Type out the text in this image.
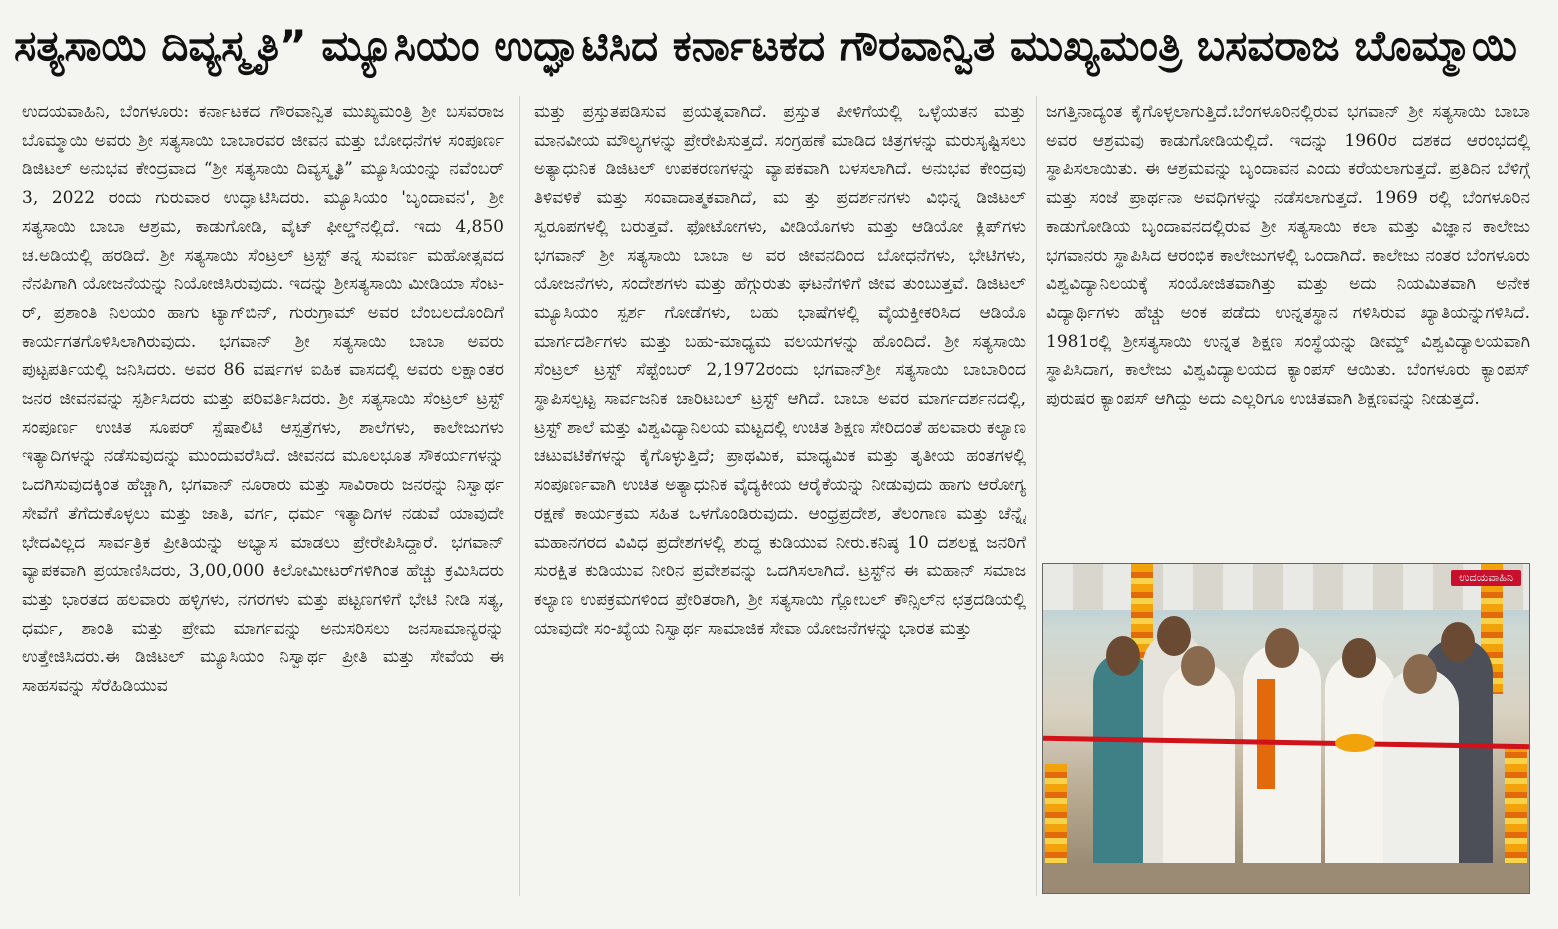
ಸತ್ಯಸಾಯಿ ದಿವ್ಯಸ್ಮೃತಿ” ಮ್ಯೂಸಿಯಂ ಉದ್ಘಾಟಿಸಿದ ಕರ್ನಾಟಕದ ಗೌರವಾನ್ವಿತ ಮುಖ್ಯಮಂತ್ರಿ ಬಸವರಾಜ ಬೊಮ್ಮಾಯಿ

ಉದಯವಾಹಿನಿ, ಬೆಂಗಳೂರು: ಕರ್ನಾಟಕದ ಗೌರವಾನ್ವಿತ ಮುಖ್ಯಮಂತ್ರಿ ಶ್ರೀ ಬಸವರಾಜ ಬೊಮ್ಮಾಯಿ ಅವರು ಶ್ರೀ ಸತ್ಯಸಾಯಿ ಬಾಬಾರವರ ಜೀವನ ಮತ್ತು ಬೋಧನೆಗಳ ಸಂಪೂರ್ಣ ಡಿಜಿಟಲ್ ಅನುಭವ ಕೇಂದ್ರವಾದ “ಶ್ರೀ ಸತ್ಯಸಾಯಿ ದಿವ್ಯಸ್ಮೃತಿ” ಮ್ಯೂಸಿಯಂನ್ನು ನವೆಂಬರ್ 3, 2022 ರಂದು ಗುರುವಾರ ಉದ್ಘಾಟಿಸಿದರು. ಮ್ಯೂಸಿಯಂ 'ಬೃಂದಾವನ', ಶ್ರೀ ಸತ್ಯಸಾಯಿ ಬಾಬಾ ಆಶ್ರಮ, ಕಾಡುಗೋಡಿ, ವೈಟ್ ಫೀಲ್ಡ್‌ನಲ್ಲಿದೆ. ಇದು 4,850 ಚ.ಅಡಿಯಲ್ಲಿ ಹರಡಿದೆ. ಶ್ರೀ ಸತ್ಯಸಾಯಿ ಸೆಂಟ್ರಲ್ ಟ್ರಸ್ಟ್ ತನ್ನ ಸುವರ್ಣ ಮಹೋತ್ಸವದ ನೆನಪಿಗಾಗಿ ಯೋಜನೆಯನ್ನು ನಿಯೋಜಿಸಿರುವುದು. ಇದನ್ನು ಶ್ರೀಸತ್ಯಸಾಯಿ ಮೀಡಿಯಾ ಸೆಂಟ-ರ್, ಪ್ರಶಾಂತಿ ನಿಲಯಂ ಹಾಗು ಟ್ಯಾಗ್‌ಬಿನ್, ಗುರುಗ್ರಾಮ್ ಅವರ ಬೆಂಬಲದೊಂದಿಗೆ ಕಾರ್ಯಗತಗೊಳಿಸಿಲಾಗಿರುವುದು. ಭಗವಾನ್ ಶ್ರೀ ಸತ್ಯಸಾಯಿ ಬಾಬಾ ಅವರು ಪುಟ್ಟಪರ್ತಿಯಲ್ಲಿ ಜನಿಸಿದರು. ಅವರ 86 ವರ್ಷಗಳ ಐಹಿಕ ವಾಸದಲ್ಲಿ ಅವರು ಲಕ್ಷಾಂತರ ಜನರ ಜೀವನವನ್ನು ಸ್ಪರ್ಶಿಸಿದರು ಮತ್ತು ಪರಿವರ್ತಿಸಿದರು. ಶ್ರೀ ಸತ್ಯಸಾಯಿ ಸೆಂಟ್ರಲ್ ಟ್ರಸ್ಟ್ ಸಂಪೂರ್ಣ ಉಚಿತ ಸೂಪರ್ ಸ್ಪೆಷಾಲಿಟಿ ಆಸ್ಪತ್ರೆಗಳು, ಶಾಲೆಗಳು, ಕಾಲೇಜುಗಳು ಇತ್ಯಾದಿಗಳನ್ನು ನಡೆಸುವುದನ್ನು ಮುಂದುವರೆಸಿದೆ. ಜೀವನದ ಮೂಲಭೂತ ಸೌಕರ್ಯಗಳನ್ನು ಒದಗಿಸುವುದಕ್ಕಿಂತ ಹೆಚ್ಚಾಗಿ, ಭಗವಾನ್ ನೂರಾರು ಮತ್ತು ಸಾವಿರಾರು ಜನರನ್ನು ನಿಸ್ವಾರ್ಥ ಸೇವೆಗೆ ತೆಗೆದುಕೊಳ್ಳಲು ಮತ್ತು ಜಾತಿ, ವರ್ಗ, ಧರ್ಮ ಇತ್ಯಾದಿಗಳ ನಡುವೆ ಯಾವುದೇ ಭೇದವಿಲ್ಲದ ಸಾರ್ವತ್ರಿಕ ಪ್ರೀತಿಯನ್ನು ಅಭ್ಯಾಸ ಮಾಡಲು ಪ್ರೇರೇಪಿಸಿದ್ದಾರೆ. ಭಗವಾನ್ ವ್ಯಾಪಕವಾಗಿ ಪ್ರಯಾಣಿಸಿದರು, 3,00,000 ಕಿಲೋಮೀಟರ್‌ಗಳಿಗಿಂತ ಹೆಚ್ಚು ಕ್ರಮಿಸಿದರು ಮತ್ತು ಭಾರತದ ಹಲವಾರು ಹಳ್ಳಿಗಳು, ನಗರಗಳು ಮತ್ತು ಪಟ್ಟಣಗಳಿಗೆ ಭೇಟಿ ನೀಡಿ ಸತ್ಯ, ಧರ್ಮ, ಶಾಂತಿ ಮತ್ತು ಪ್ರೇಮ ಮಾರ್ಗವನ್ನು ಅನುಸರಿಸಲು ಜನಸಾಮಾನ್ಯರನ್ನು ಉತ್ತೇಜಿಸಿದರು.ಈ ಡಿಜಿಟಲ್ ಮ್ಯೂಸಿಯಂ ನಿಸ್ವಾರ್ಥ ಪ್ರೀತಿ ಮತ್ತು ಸೇವೆಯ ಈ ಸಾಹಸವನ್ನು ಸೆರೆಹಿಡಿಯುವ

ಮತ್ತು ಪ್ರಸ್ತುತಪಡಿಸುವ ಪ್ರಯತ್ನವಾಗಿದೆ. ಪ್ರಸ್ತುತ ಪೀಳಿಗೆಯಲ್ಲಿ ಒಳ್ಳೆಯತನ ಮತ್ತು ಮಾನವೀಯ ಮೌಲ್ಯಗಳನ್ನು ಪ್ರೇರೇಪಿಸುತ್ತದೆ. ಸಂಗ್ರಹಣೆ ಮಾಡಿದ ಚಿತ್ರಗಳನ್ನು ಮರುಸೃಷ್ಟಿಸಲು ಅತ್ಯಾಧುನಿಕ ಡಿಜಿಟಲ್ ಉಪಕರಣಗಳನ್ನು ವ್ಯಾಪಕವಾಗಿ ಬಳಸಲಾಗಿದೆ. ಅನುಭವ ಕೇಂದ್ರವು ತಿಳಿವಳಿಕೆ ಮತ್ತು ಸಂವಾದಾತ್ಮಕವಾಗಿದೆ, ಮ ತ್ತು ಪ್ರದರ್ಶನಗಳು ವಿಭಿನ್ನ ಡಿಜಿಟಲ್ ಸ್ವರೂಪಗಳಲ್ಲಿ ಬರುತ್ತವೆ. ಫೋಟೋಗಳು, ವೀಡಿಯೊಗಳು ಮತ್ತು ಆಡಿಯೋ ಕ್ಲಿಪ್‌ಗಳು ಭಗವಾನ್ ಶ್ರೀ ಸತ್ಯಸಾಯಿ ಬಾಬಾ ಅ ವರ ಜೀವನದಿಂದ ಬೋಧನೆಗಳು, ಭೇಟಿಗಳು, ಯೋಜನೆಗಳು, ಸಂದೇಶಗಳು ಮತ್ತು ಹೆಗ್ಗುರುತು ಘಟನೆಗಳಿಗೆ ಜೀವ ತುಂಬುತ್ತವೆ. ಡಿಜಿಟಲ್ ಮ್ಯೂಸಿಯಂ ಸ್ಪರ್ಶ ಗೋಡೆಗಳು, ಬಹು ಭಾಷೆಗಳಲ್ಲಿ ವೈಯಕ್ತೀಕರಿಸಿದ ಆಡಿಯೊ ಮಾರ್ಗದರ್ಶಿಗಳು ಮತ್ತು ಬಹು-ಮಾಧ್ಯಮ ವಲಯಗಳನ್ನು ಹೊಂದಿದೆ. ಶ್ರೀ ಸತ್ಯಸಾಯಿ ಸೆಂಟ್ರಲ್ ಟ್ರಸ್ಟ್ ಸೆಪ್ಟೆಂಬರ್ 2,1972ರಂದು ಭಗವಾನ್‌ಶ್ರೀ ಸತ್ಯಸಾಯಿ ಬಾಬಾರಿಂದ ಸ್ಥಾಪಿಸಲ್ಪಟ್ಟ ಸಾರ್ವಜನಿಕ ಚಾರಿಟಬಲ್ ಟ್ರಸ್ಟ್ ಆಗಿದೆ. ಬಾಬಾ ಅವರ ಮಾರ್ಗದರ್ಶನದಲ್ಲಿ, ಟ್ರಸ್ಟ್ ಶಾಲೆ ಮತ್ತು ವಿಶ್ವವಿದ್ಯಾನಿಲಯ ಮಟ್ಟದಲ್ಲಿ ಉಚಿತ ಶಿಕ್ಷಣ ಸೇರಿದಂತೆ ಹಲವಾರು ಕಲ್ಯಾಣ ಚಟುವಟಿಕೆಗಳನ್ನು ಕೈಗೊಳ್ಳುತ್ತಿದೆ; ಪ್ರಾಥಮಿಕ, ಮಾಧ್ಯಮಿಕ ಮತ್ತು ತೃತೀಯ ಹಂತಗಳಲ್ಲಿ ಸಂಪೂರ್ಣವಾಗಿ ಉಚಿತ ಅತ್ಯಾಧುನಿಕ ವೈದ್ಯಕೀಯ ಆರೈಕೆಯನ್ನು ನೀಡುವುದು ಹಾಗು ಆರೋಗ್ಯ ರಕ್ಷಣೆ ಕಾರ್ಯಕ್ರಮ ಸಹಿತ ಒಳಗೊಂಡಿರುವುದು. ಆಂಧ್ರಪ್ರದೇಶ, ತೆಲಂಗಾಣ ಮತ್ತು ಚೆನ್ನೈ ಮಹಾನಗರದ ವಿವಿಧ ಪ್ರದೇಶಗಳಲ್ಲಿ ಶುದ್ಧ ಕುಡಿಯುವ ನೀರು.ಕನಿಷ್ಠ 10 ದಶಲಕ್ಷ ಜನರಿಗೆ ಸುರಕ್ಷಿತ ಕುಡಿಯುವ ನೀರಿನ ಪ್ರವೇಶವನ್ನು ಒದಗಿಸಲಾಗಿದೆ. ಟ್ರಸ್ಟ್‌ನ ಈ ಮಹಾನ್ ಸಮಾಜ ಕಲ್ಯಾಣ ಉಪಕ್ರಮಗಳಿಂದ ಪ್ರೇರಿತರಾಗಿ, ಶ್ರೀ ಸತ್ಯಸಾಯಿ ಗ್ಲೋಬಲ್ ಕೌನ್ಸಿಲ್‌ನ ಛತ್ರದಡಿಯಲ್ಲಿ ಯಾವುದೇ ಸಂ-ಖ್ಯೆಯ ನಿಸ್ವಾರ್ಥ ಸಾಮಾಜಿಕ ಸೇವಾ ಯೋಜನೆಗಳನ್ನು ಭಾರತ ಮತ್ತು

ಜಗತ್ತಿನಾದ್ಯಂತ ಕೈಗೊಳ್ಳಲಾಗುತ್ತಿದೆ.ಬೆಂಗಳೂರಿನಲ್ಲಿರುವ ಭಗವಾನ್ ಶ್ರೀ ಸತ್ಯಸಾಯಿ ಬಾಬಾ ಅವರ ಆಶ್ರಮವು ಕಾಡುಗೋಡಿಯಲ್ಲಿದೆ. ಇದನ್ನು 1960ರ ದಶಕದ ಆರಂಭದಲ್ಲಿ ಸ್ಥಾಪಿಸಲಾಯಿತು. ಈ ಆಶ್ರಮವನ್ನು ಬೃಂದಾವನ ಎಂದು ಕರೆಯಲಾಗುತ್ತದೆ. ಪ್ರತಿದಿನ ಬೆಳಿಗ್ಗೆ ಮತ್ತು ಸಂಜೆ ಪ್ರಾರ್ಥನಾ ಅವಧಿಗಳನ್ನು ನಡೆಸಲಾಗುತ್ತದೆ. 1969 ರಲ್ಲಿ ಬೆಂಗಳೂರಿನ ಕಾಡುಗೋಡಿಯ ಬೃಂದಾವನದಲ್ಲಿರುವ ಶ್ರೀ ಸತ್ಯಸಾಯಿ ಕಲಾ ಮತ್ತು ವಿಜ್ಞಾನ ಕಾಲೇಜು ಭಗವಾನರು ಸ್ಥಾಪಿಸಿದ ಆರಂಭಿಕ ಕಾಲೇಜುಗಳಲ್ಲಿ ಒಂದಾಗಿದೆ. ಕಾಲೇಜು ನಂತರ ಬೆಂಗಳೂರು ವಿಶ್ವವಿದ್ಯಾನಿಲಯಕ್ಕೆ ಸಂಯೋಜಿತವಾಗಿತ್ತು ಮತ್ತು ಅದು ನಿಯಮಿತವಾಗಿ ಅನೇಕ ವಿದ್ಯಾರ್ಥಿಗಳು ಹೆಚ್ಚು ಅಂಕ ಪಡೆದು ಉನ್ನತಸ್ಥಾನ ಗಳಿಸಿರುವ ಖ್ಯಾತಿಯನ್ನುಗಳಿಸಿದೆ. 1981ರಲ್ಲಿ ಶ್ರೀಸತ್ಯಸಾಯಿ ಉನ್ನತ ಶಿಕ್ಷಣ ಸಂಸ್ಥೆಯನ್ನು ಡೀಮ್ಡ್ ವಿಶ್ವವಿದ್ಯಾಲಯವಾಗಿ ಸ್ಥಾಪಿಸಿದಾಗ, ಕಾಲೇಜು ವಿಶ್ವವಿದ್ಯಾಲಯದ ಕ್ಯಾಂಪಸ್ ಆಯಿತು. ಬೆಂಗಳೂರು ಕ್ಯಾಂಪಸ್ ಪುರುಷರ ಕ್ಯಾಂಪಸ್ ಆಗಿದ್ದು ಅದು ಎಲ್ಲರಿಗೂ ಉಚಿತವಾಗಿ ಶಿಕ್ಷಣವನ್ನು ನೀಡುತ್ತದೆ.

ಉದಯವಾಹಿನಿ
